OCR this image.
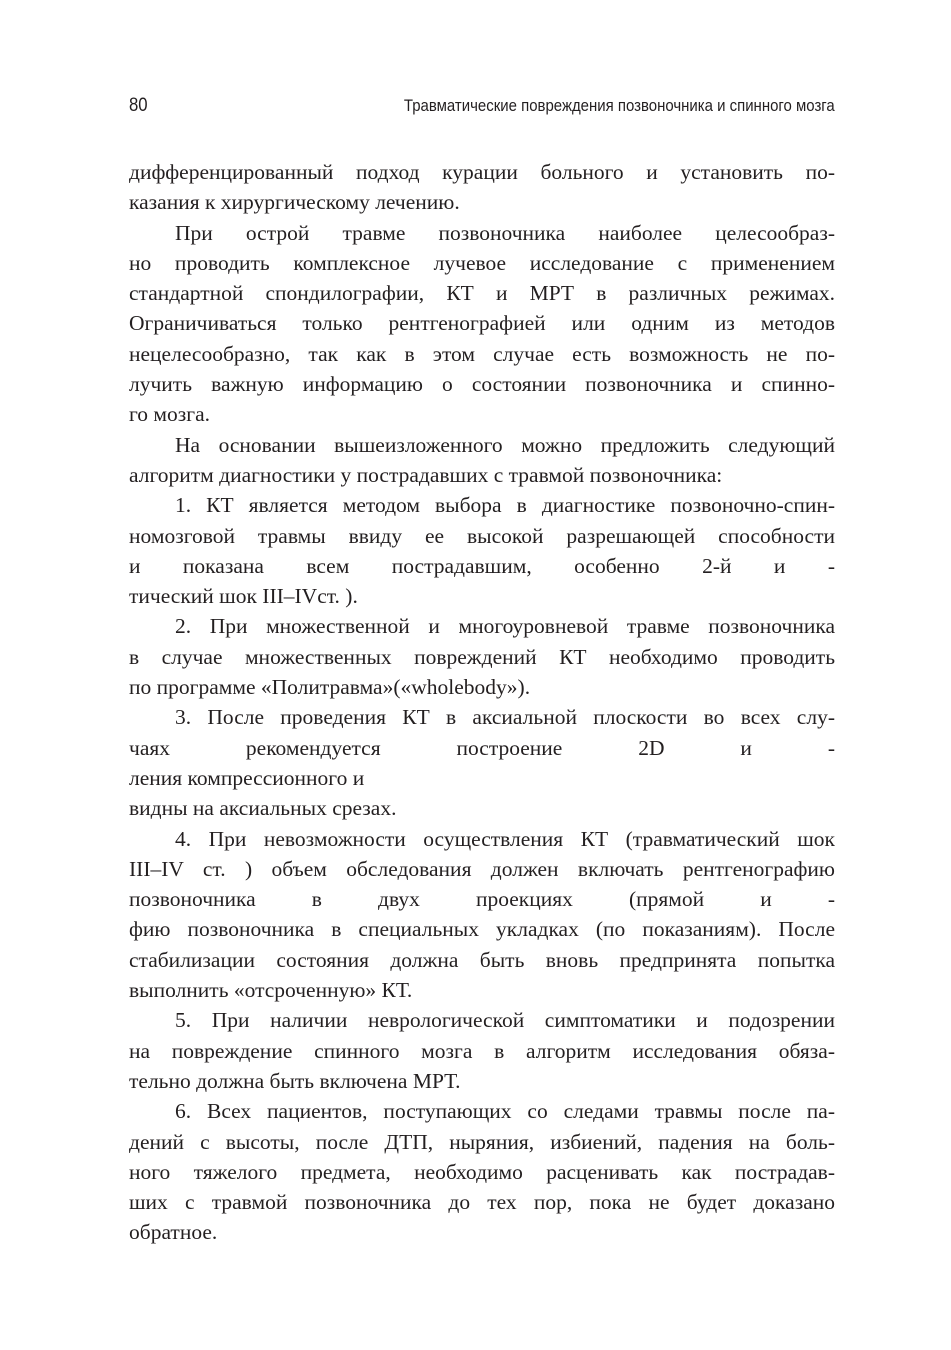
80	Травматические повреждения позвоночника и спинного мозга
дифференцированный подход курации больного и установить по-
казания к хирургическому лечению.
При острой травме позвоночника наиболее целесообраз-
но проводить комплексное лучевое исследование с применением
стандартной спондилографии, КТ и МРТ в различных режимах.
Ограничиваться только рентгенографией или одним из методов
нецелесообразно, так как в этом случае есть возможность не по-
лучить важную информацию о состоянии позвоночника и спинно-
го мозга.
На основании вышеизложенного можно предложить следующий
алгоритм диагностики у пострадавших с травмой позвоночника:
1. КТ является методом выбора в диагностике позвоночно-спин-
номозговой травмы ввиду ее высокой разрешающей способности
и показана всем пострадавшим, особенно 2-й и -
тический шок III–IVст. ).
2. При множественной и многоуровневой травме позвоночника
в случае множественных повреждений КТ необходимо проводить
по программе «Политравма»(«wholebody»).
3. После проведения КТ в аксиальной плоскости во всех слу-
чаях рекомендуется построение 2D и -
ления компрессионного и
видны на аксиальных срезах.
4. При невозможности осуществления КТ (травматический шок
III–IV ст. ) объем обследования должен включать рентгенографию
позвоночника в двух проекциях (прямой и -
фию позвоночника в специальных укладках (по показаниям). После
стабилизации состояния должна быть вновь предпринята попытка
выполнить «отсроченную» КТ.
5. При наличии неврологической симптоматики и подозрении
на повреждение спинного мозга в алгоритм исследования обяза-
тельно должна быть включена МРТ.
6. Всех пациентов, поступающих со следами травмы после па-
дений с высоты, после ДТП, ныряния, избиений, падения на боль-
ного тяжелого предмета, необходимо расценивать как пострадав-
ших с травмой позвоночника до тех пор, пока не будет доказано
обратное.
